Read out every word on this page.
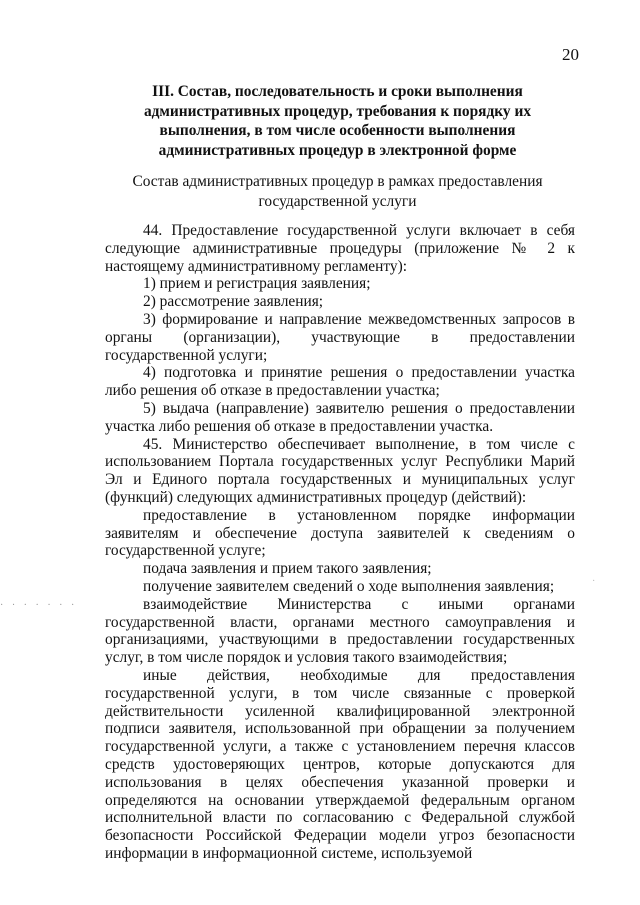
20
III. Состав, последовательность и сроки выполнения административных процедур, требования к порядку их выполнения, в том числе особенности выполнения административных процедур в электронной форме
Состав административных процедур в рамках предоставления государственной услуги

44. Предоставление государственной услуги включает в себя следующие административные процедуры (приложение № 2 к настоящему административному регламенту):

1) прием и регистрация заявления;

2) рассмотрение заявления;

3) формирование и направление межведомственных запросов в органы (организации), участвующие в предоставлении государственной услуги;

4) подготовка и принятие решения о предоставлении участка либо решения об отказе в предоставлении участка;

5) выдача (направление) заявителю решения о предоставлении участка либо решения об отказе в предоставлении участка.

45. Министерство обеспечивает выполнение, в том числе с использованием Портала государственных услуг Республики Марий Эл и Единого портала государственных и муниципальных услуг (функций) следующих административных процедур (действий):

предоставление в установленном порядке информации заявителям и обеспечение доступа заявителей к сведениям о государственной услуге;

подача заявления и прием такого заявления;

получение заявителем сведений о ходе выполнения заявления;

взаимодействие Министерства с иными органами государственной власти, органами местного самоуправления и организациями, участвующими в предоставлении государственных услуг, в том числе порядок и условия такого взаимодействия;

иные действия, необходимые для предоставления государственной услуги, в том числе связанные с проверкой действительности усиленной квалифицированной электронной подписи заявителя, использованной при обращении за получением государственной услуги, а также с установлением перечня классов средств удостоверяющих центров, которые допускаются для использования в целях обеспечения указанной проверки и определяются на основании утверждаемой федеральным органом исполнительной власти по согласованию с Федеральной службой безопасности Российской Федерации модели угроз безопасности информации в информационной системе, используемой

· · · · · · ·
·
